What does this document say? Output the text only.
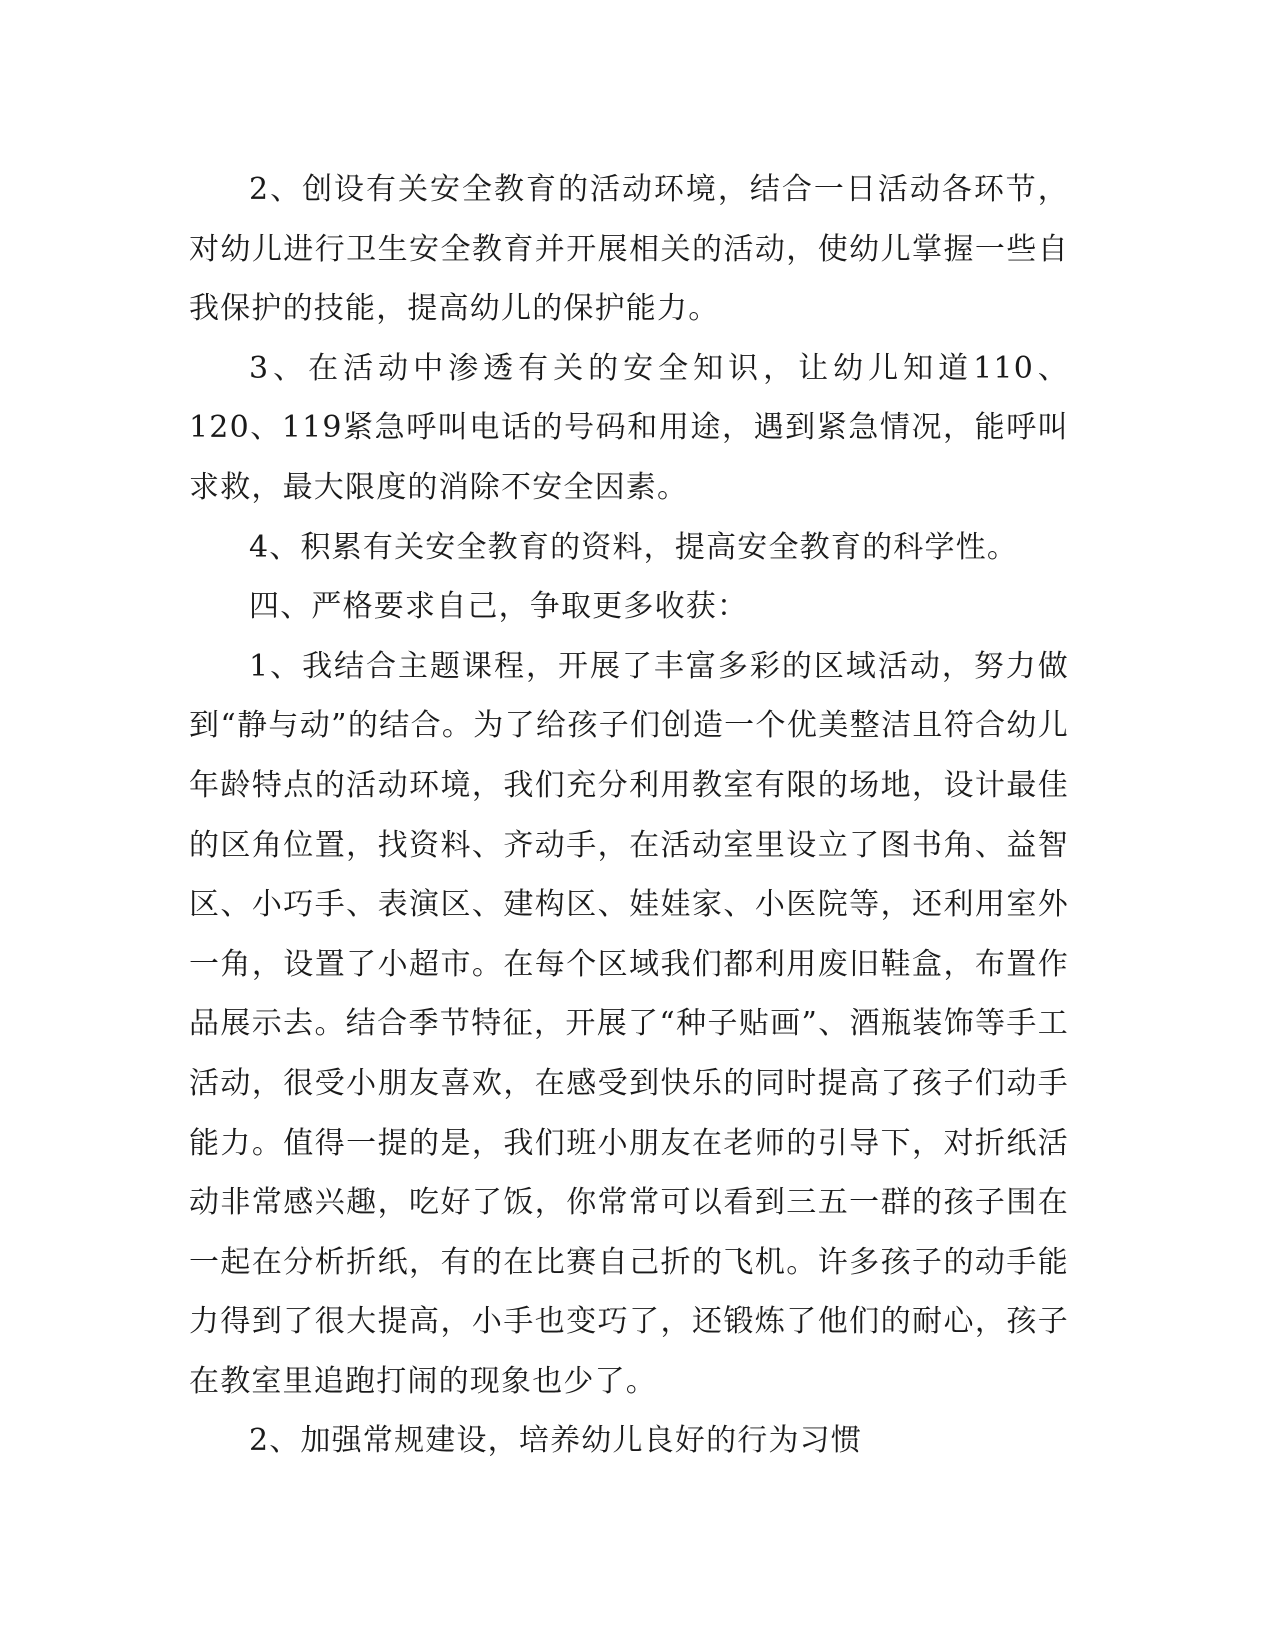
2、创设有关安全教育的活动环境，结合一日活动各环节，对幼儿进行卫生安全教育并开展相关的活动，使幼儿掌握一些自我保护的技能，提高幼儿的保护能力。

3、在活动中渗透有关的安全知识，让幼儿知道110、120、119紧急呼叫电话的号码和用途，遇到紧急情况，能呼叫求救，最大限度的消除不安全因素。

4、积累有关安全教育的资料，提高安全教育的科学性。

四、严格要求自己，争取更多收获：

1、我结合主题课程，开展了丰富多彩的区域活动，努力做到“静与动”的结合。为了给孩子们创造一个优美整洁且符合幼儿年龄特点的活动环境，我们充分利用教室有限的场地，设计最佳的区角位置，找资料、齐动手，在活动室里设立了图书角、益智区、小巧手、表演区、建构区、娃娃家、小医院等，还利用室外一角，设置了小超市。在每个区域我们都利用废旧鞋盒，布置作品展示去。结合季节特征，开展了“种子贴画”、酒瓶装饰等手工活动，很受小朋友喜欢，在感受到快乐的同时提高了孩子们动手能力。值得一提的是，我们班小朋友在老师的引导下，对折纸活动非常感兴趣，吃好了饭，你常常可以看到三五一群的孩子围在一起在分析折纸，有的在比赛自己折的飞机。许多孩子的动手能力得到了很大提高，小手也变巧了，还锻炼了他们的耐心，孩子在教室里追跑打闹的现象也少了。

2、加强常规建设，培养幼儿良好的行为习惯
